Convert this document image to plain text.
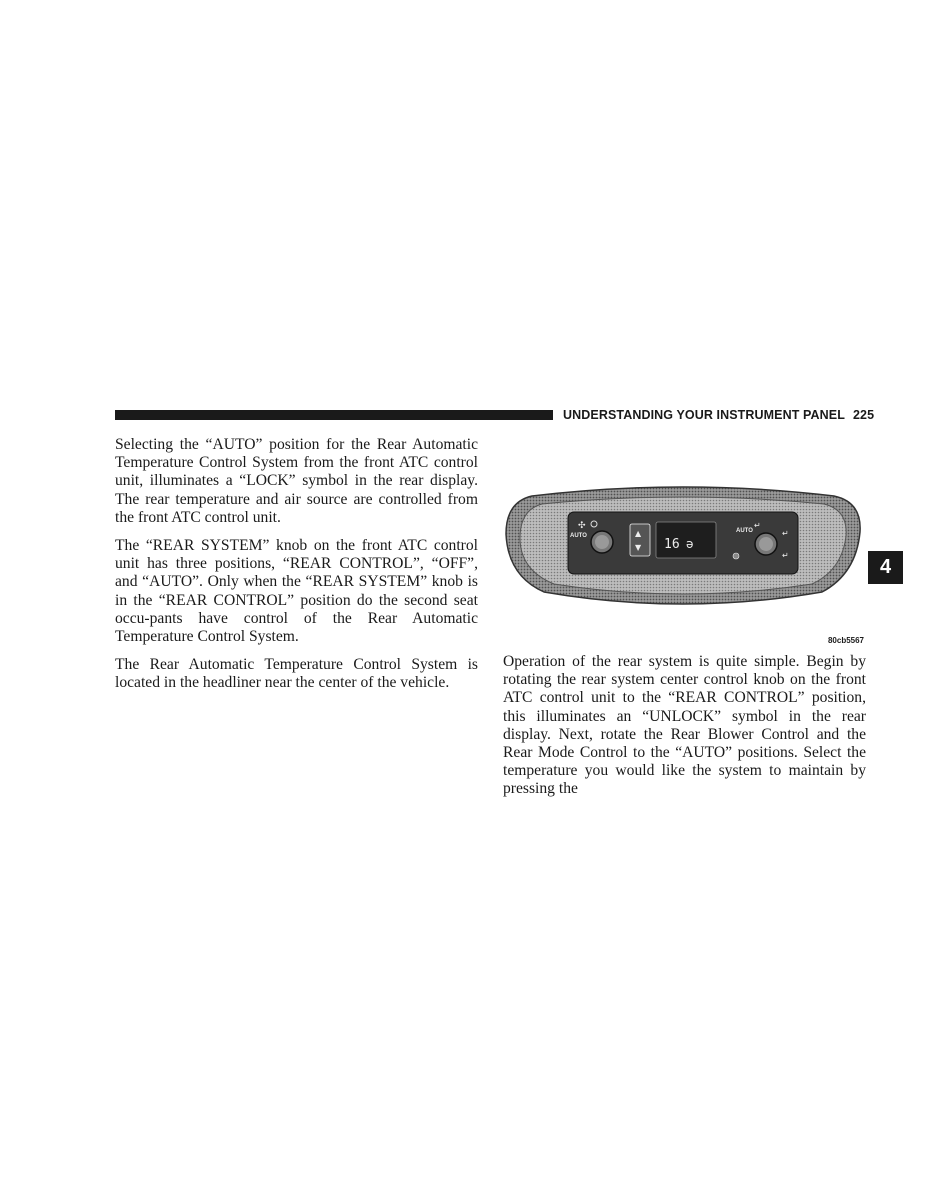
UNDERSTANDING YOUR INSTRUMENT PANEL 225

Selecting the “AUTO” position for the Rear Automatic Temperature Control System from the front ATC control unit, illuminates a “LOCK” symbol in the rear display. The rear temperature and air source are controlled from the front ATC control unit.

The “REAR SYSTEM” knob on the front ATC control unit has three positions, “REAR CONTROL”, “OFF”, and “AUTO”. Only when the “REAR SYSTEM” knob is in the “REAR CONTROL” position do the second seat occu-pants have control of the Rear Automatic Temperature Control System.

The Rear Automatic Temperature Control System is located in the headliner near the center of the vehicle.

✣
AUTO	▲
▼ 16 ə
AUTO
↵
↵
↵
80cb5567

Operation of the rear system is quite simple. Begin by rotating the rear system center control knob on the front ATC control unit to the “REAR CONTROL” position, this illuminates an “UNLOCK” symbol in the rear display. Next, rotate the Rear Blower Control and the Rear Mode Control to the “AUTO” positions. Select the temperature you would like the system to maintain by pressing the

4
